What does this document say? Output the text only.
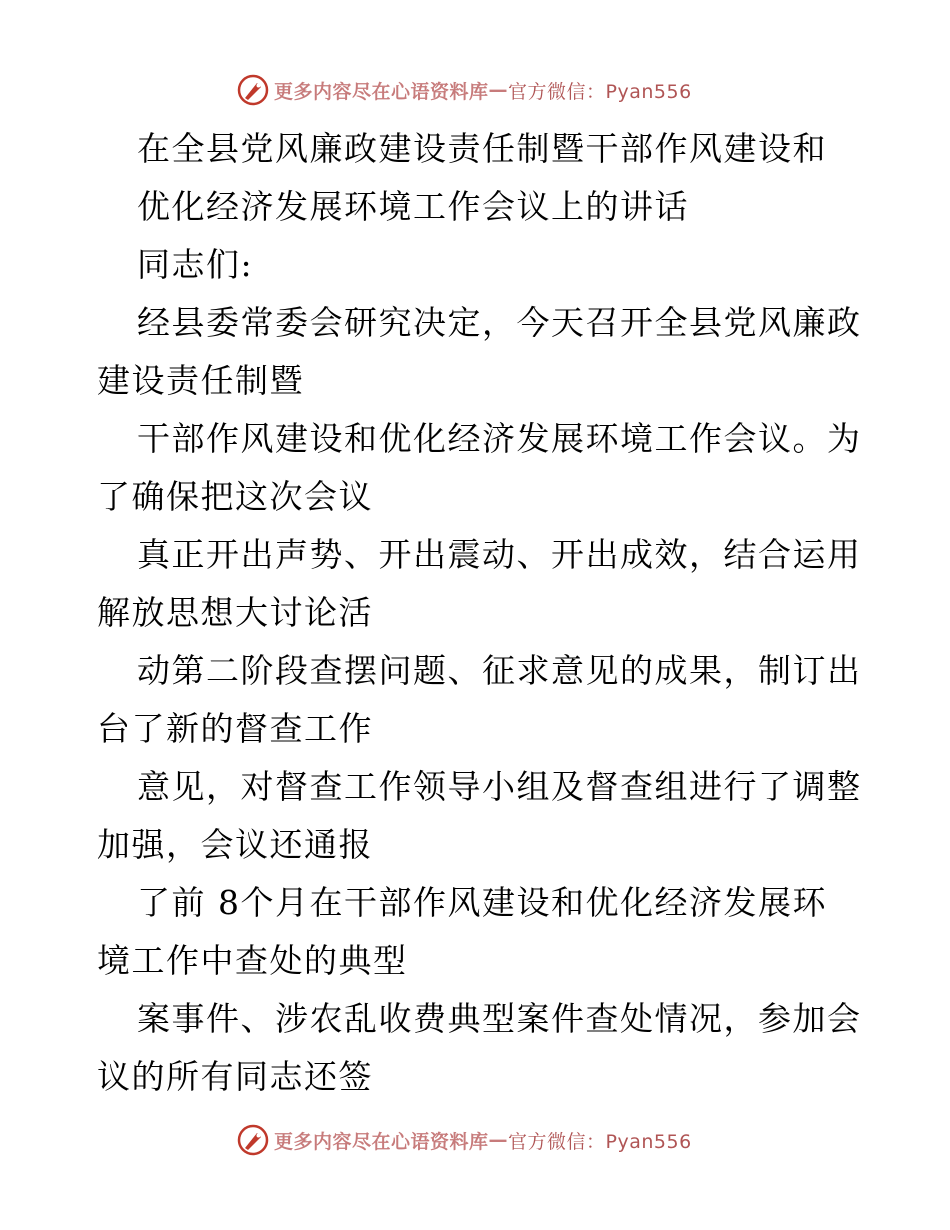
更多内容尽在心语资料库 — 官方微信：Pyan556
在全县党风廉政建设责任制暨干部作风建设和
优化经济发展环境工作会议上的讲话
同志们:
经县委常委会研究决定，今天召开全县党风廉政
建设责任制暨
干部作风建设和优化经济发展环境工作会议。为
了确保把这次会议
真正开出声势、开出震动、开出成效，结合运用
解放思想大讨论活
动第二阶段查摆问题、征求意见的成果，制订出
台了新的督查工作
意见，对督查工作领导小组及督查组进行了调整
加强，会议还通报
了前 8个月在干部作风建设和优化经济发展环
境工作中查处的典型
案事件、涉农乱收费典型案件查处情况，参加会
议的所有同志还签
更多内容尽在心语资料库 — 官方微信：Pyan556
